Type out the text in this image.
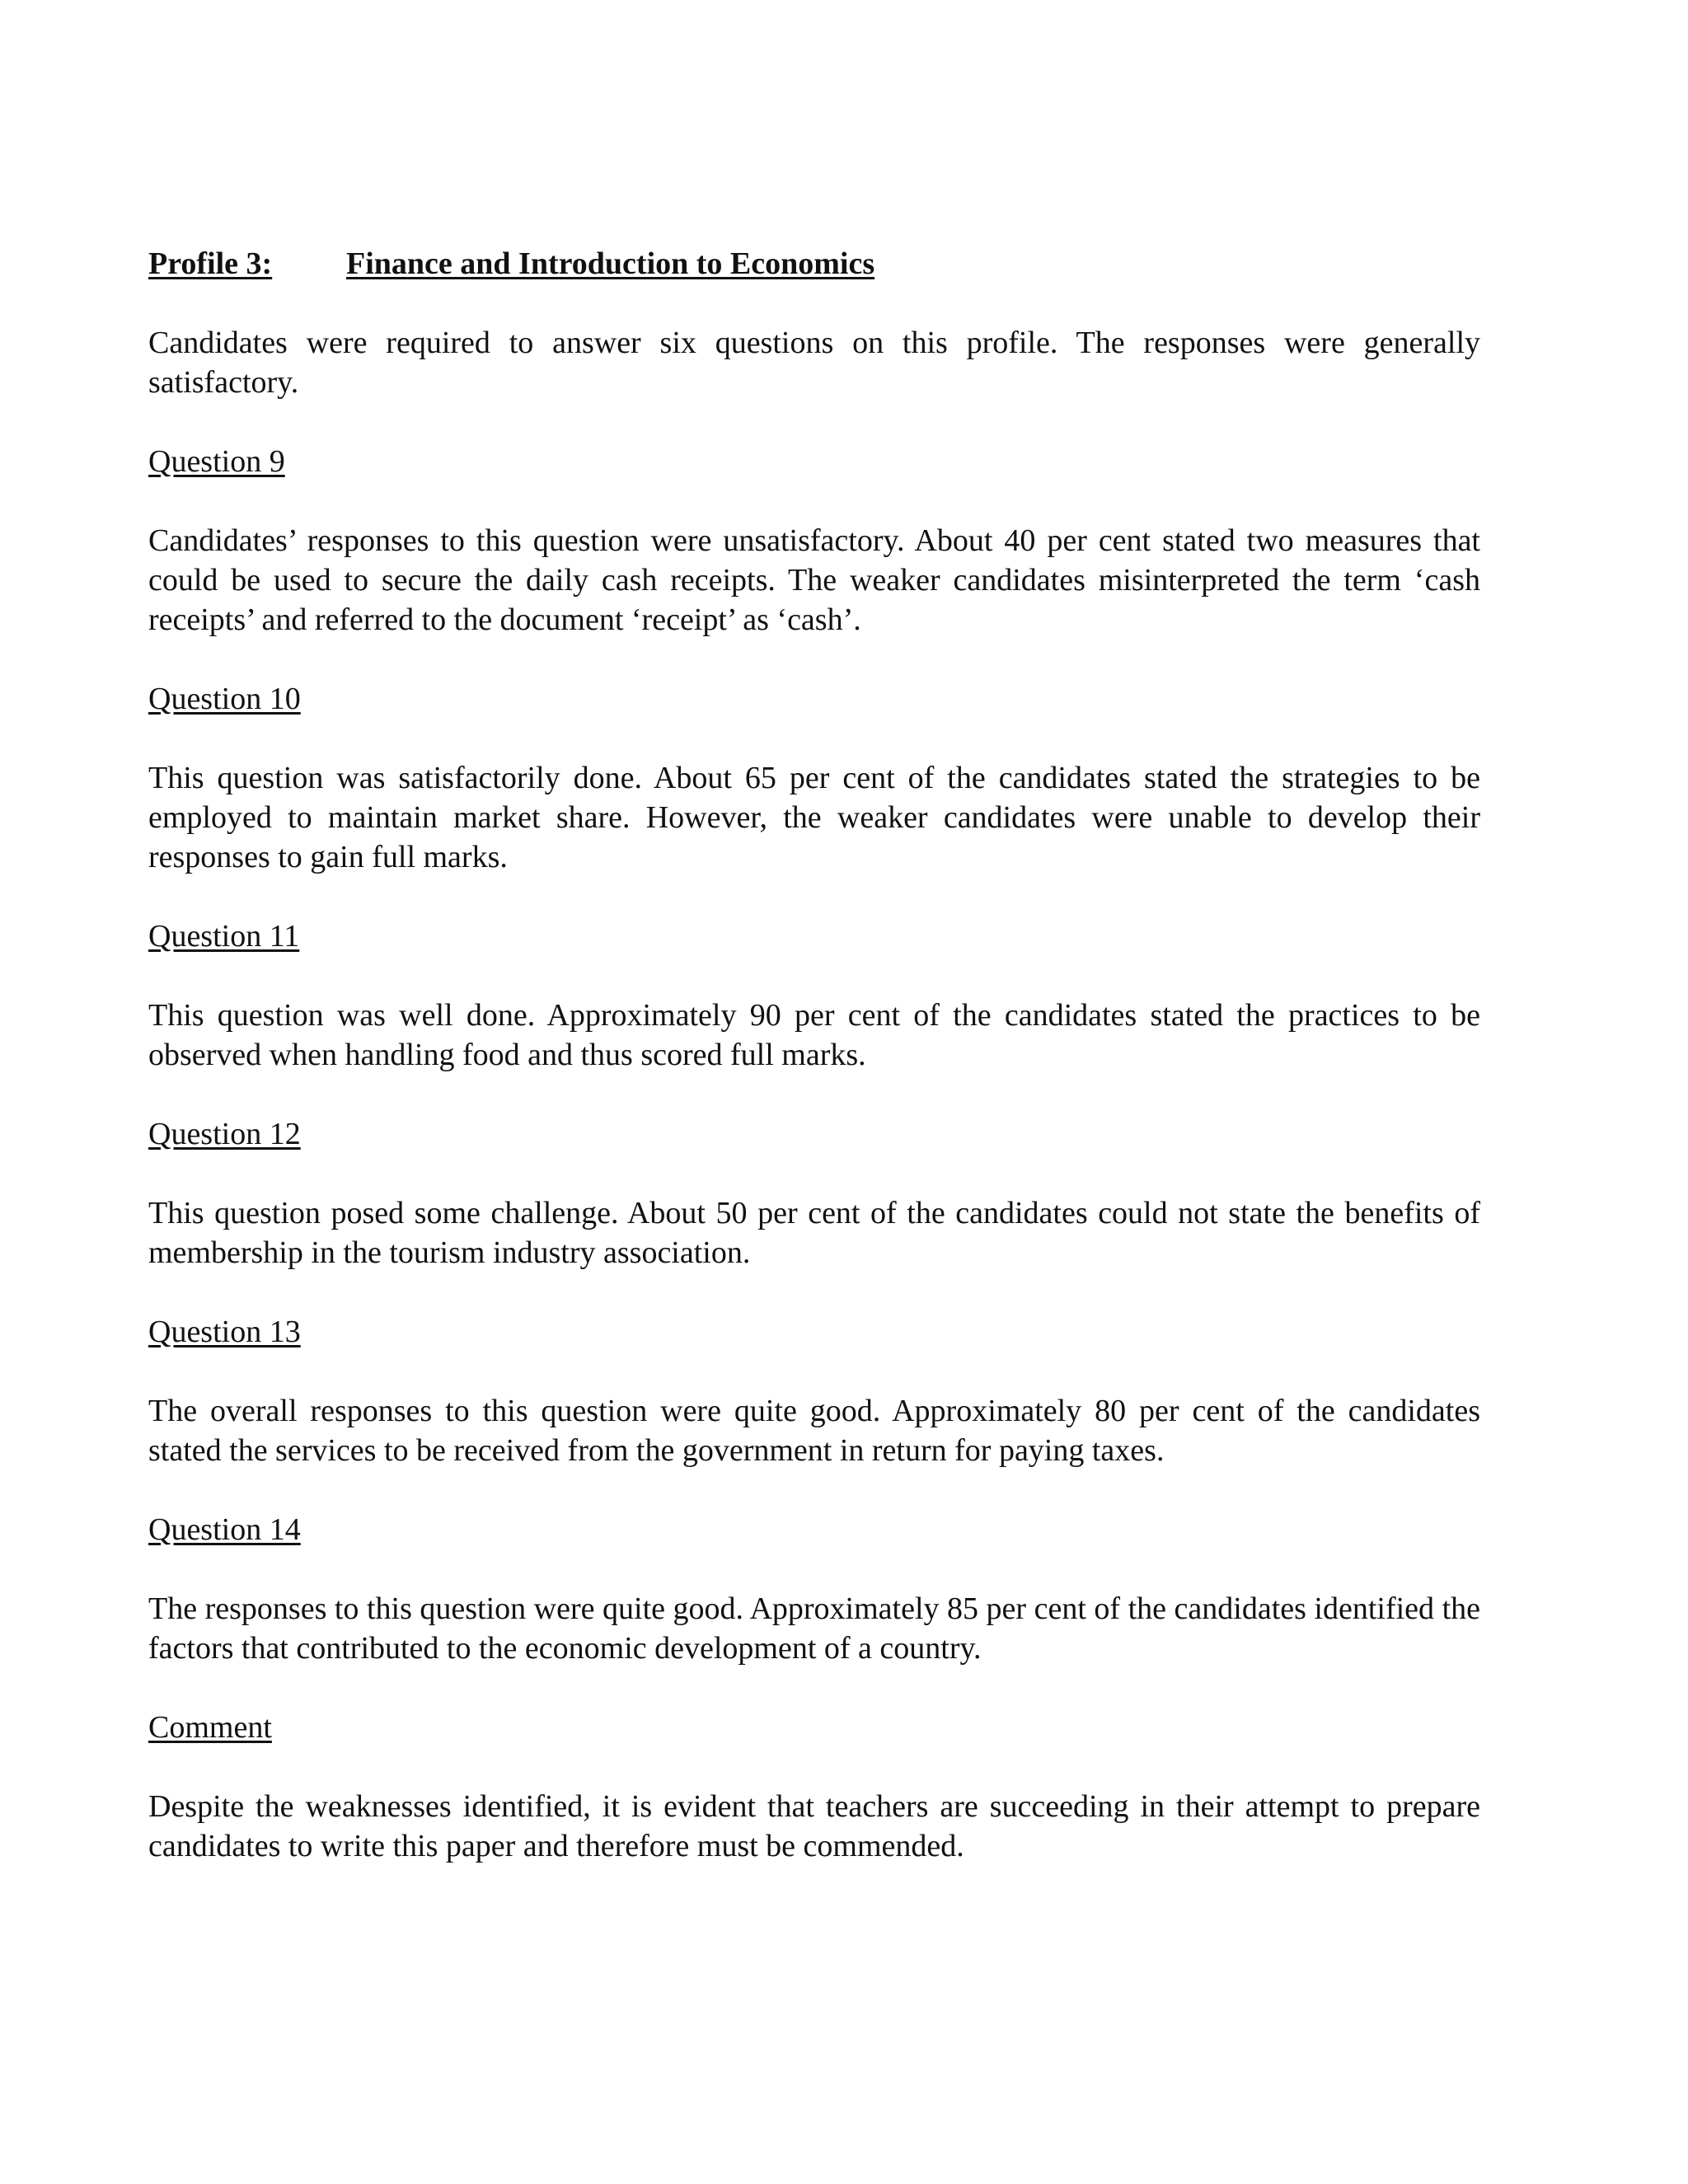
Profile 3: Finance and Introduction to Economics

Candidates were required to answer six questions on this profile. The responses were generally satisfactory.

Question 9

Candidates’ responses to this question were unsatisfactory. About 40 per cent stated two measures that could be used to secure the daily cash receipts. The weaker candidates misinterpreted the term ‘cash receipts’ and referred to the document ‘receipt’ as ‘cash’.

Question 10

This question was satisfactorily done. About 65 per cent of the candidates stated the strategies to be employed to maintain market share. However, the weaker candidates were unable to develop their responses to gain full marks.

Question 11

This question was well done. Approximately 90 per cent of the candidates stated the practices to be observed when handling food and thus scored full marks.

Question 12

This question posed some challenge. About 50 per cent of the candidates could not state the benefits of membership in the tourism industry association.

Question 13

The overall responses to this question were quite good. Approximately 80 per cent of the candidates stated the services to be received from the government in return for paying taxes.

Question 14

The responses to this question were quite good. Approximately 85 per cent of the candidates identified the factors that contributed to the economic development of a country.

Comment

Despite the weaknesses identified, it is evident that teachers are succeeding in their attempt to prepare candidates to write this paper and therefore must be commended.
